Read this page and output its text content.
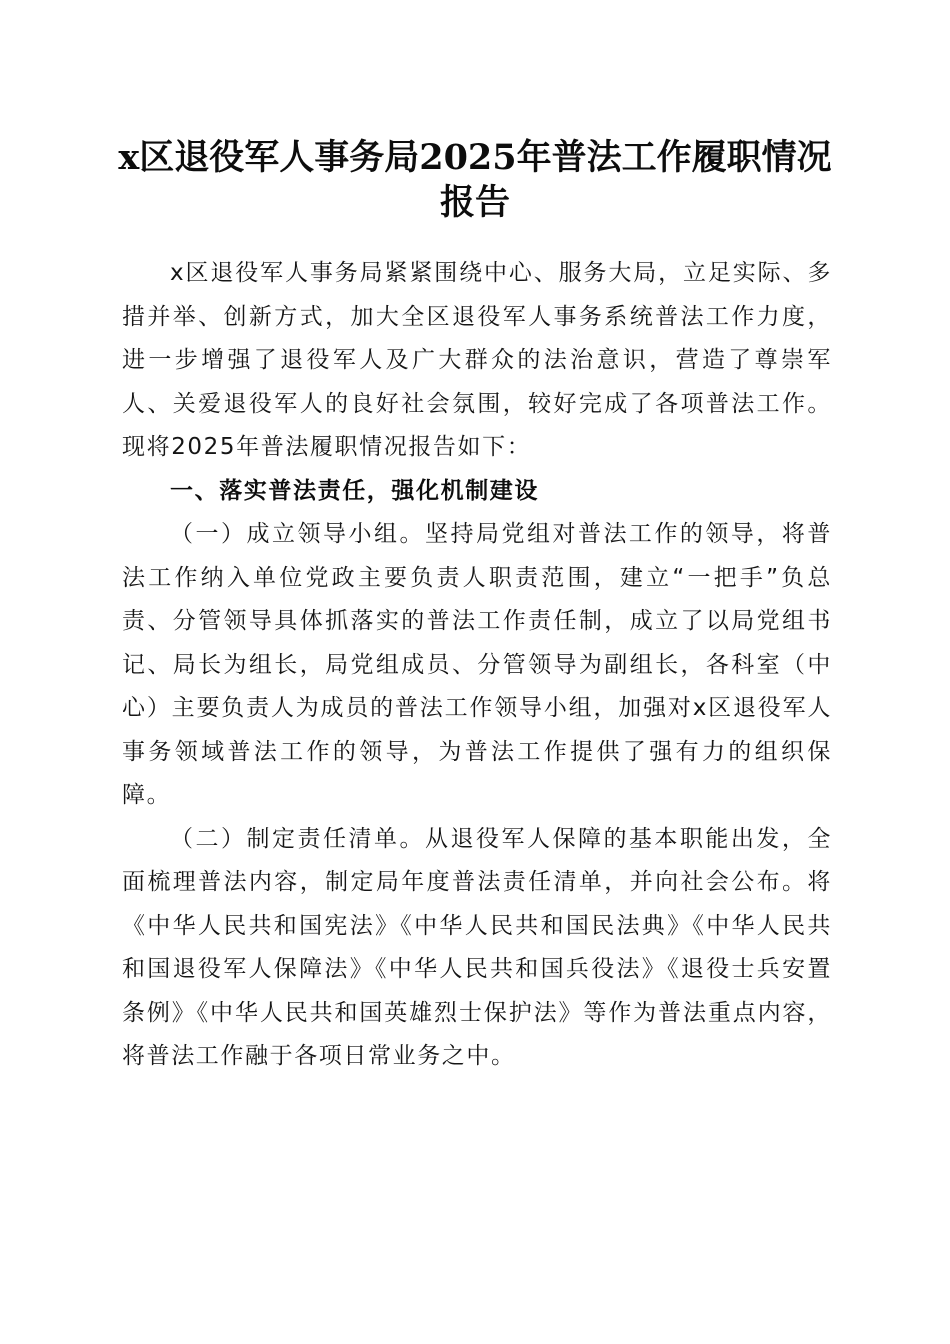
x区退役军人事务局2025年普法工作履职情况
报告

x区退役军人事务局紧紧围绕中心、服务大局，立足实际、多措并举、创新方式，加大全区退役军人事务系统普法工作力度，进一步增强了退役军人及广大群众的法治意识，营造了尊崇军人、关爱退役军人的良好社会氛围，较好完成了各项普法工作。现将2025年普法履职情况报告如下：

一、落实普法责任，强化机制建设

（一）成立领导小组。坚持局党组对普法工作的领导，将普法工作纳入单位党政主要负责人职责范围，建立“一把手”负总责、分管领导具体抓落实的普法工作责任制，成立了以局党组书记、局长为组长，局党组成员、分管领导为副组长，各科室（中心）主要负责人为成员的普法工作领导小组，加强对x区退役军人事务领域普法工作的领导，为普法工作提供了强有力的组织保障。

（二）制定责任清单。从退役军人保障的基本职能出发，全面梳理普法内容，制定局年度普法责任清单，并向社会公布。将《中华人民共和国宪法》《中华人民共和国民法典》《中华人民共和国退役军人保障法》《中华人民共和国兵役法》《退役士兵安置条例》《中华人民共和国英雄烈士保护法》等作为普法重点内容，将普法工作融于各项日常业务之中。
